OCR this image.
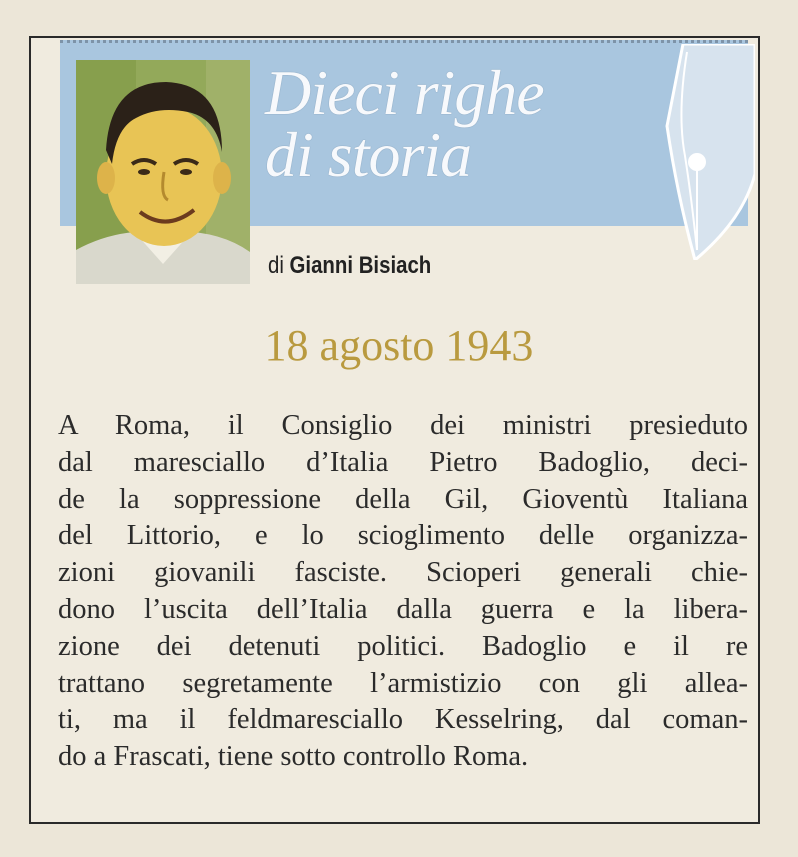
Dieci righe
di storia
di Gianni Bisiach
18 agosto 1943

A Roma, il Consiglio dei ministri presieduto
dal maresciallo d’Italia Pietro Badoglio, deci-
de la soppressione della Gil, Gioventù Italiana
del Littorio, e lo scioglimento delle organizza-
zioni giovanili fasciste. Scioperi generali chie-
dono l’uscita dell’Italia dalla guerra e la libera-
zione dei detenuti politici. Badoglio e il re
trattano segretamente l’armistizio con gli allea-
ti, ma il feldmaresciallo Kesselring, dal coman-
do a Frascati, tiene sotto controllo Roma.
